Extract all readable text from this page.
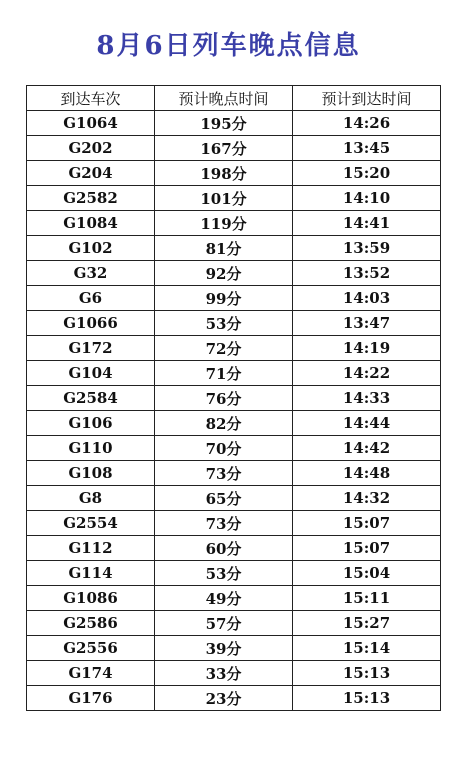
8月6日列车晚点信息
到达车次	预计晚点时间	预计到达时间
G1064	195分	14:26
G202	167分	13:45
G204	198分	15:20
G2582	101分	14:10
G1084	119分	14:41
G102	81分	13:59
G32	92分	13:52
G6	99分	14:03
G1066	53分	13:47
G172	72分	14:19
G104	71分	14:22
G2584	76分	14:33
G106	82分	14:44
G110	70分	14:42
G108	73分	14:48
G8	65分	14:32
G2554	73分	15:07
G112	60分	15:07
G114	53分	15:04
G1086	49分	15:11
G2586	57分	15:27
G2556	39分	15:14
G174	33分	15:13
G176	23分	15:13
